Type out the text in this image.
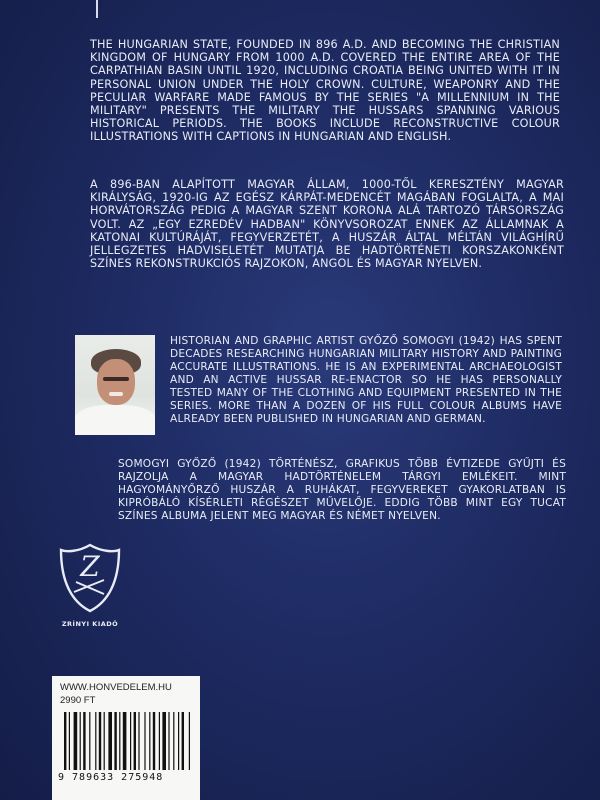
THE HUNGARIAN STATE, FOUNDED IN 896 A.D. AND BECOMING THE CHRISTIAN KINGDOM OF HUNGARY FROM 1000 A.D. COVERED THE ENTIRE AREA OF THE CARPATHIAN BASIN UNTIL 1920, INCLUDING CROATIA BEING UNITED WITH IT IN PERSONAL UNION UNDER THE HOLY CROWN. CULTURE, WEAPONRY AND THE PECULIAR WARFARE MADE FAMOUS BY THE SERIES "A MILLENNIUM IN THE MILITARY" PRESENTS THE MILITARY THE HUSSARS SPANNING VARIOUS HISTORICAL PERIODS. THE BOOKS INCLUDE RECONSTRUCTIVE COLOUR ILLUSTRATIONS WITH CAPTIONS IN HUNGARIAN AND ENGLISH.
A 896-BAN ALAPÍTOTT MAGYAR ÁLLAM, 1000-TŐL KERESZTÉNY MAGYAR KIRÁLYSÁG, 1920-IG AZ EGÉSZ KÁRPÁT-MEDENCÉT MAGÁBAN FOGLALTA, A MAI HORVÁTORSZÁG PEDIG A MAGYAR SZENT KORONA ALÁ TARTOZÓ TÁRSORSZÁG VOLT. AZ „EGY EZREDÉV HADBAN" KÖNYVSOROZAT ENNEK AZ ÁLLAMNAK A KATONAI KULTÚRÁJÁT, FEGYVERZETÉT, A HUSZÁR ÁLTAL MÉLTÁN VILÁGHÍRŰ JELLEGZETES HADVISELETÉT MUTATJA BE HADTÖRTÉNETI KORSZAKONKÉNT SZÍNES REKONSTRUKCIÓS RAJZOKON, ANGOL ÉS MAGYAR NYELVEN.
HISTORIAN AND GRAPHIC ARTIST GYŐZŐ SOMOGYI (1942) HAS SPENT DECADES RESEARCHING HUNGARIAN MILITARY HISTORY AND PAINTING ACCURATE ILLUSTRATIONS. HE IS AN EXPERIMENTAL ARCHAEOLOGIST AND AN ACTIVE HUSSAR RE-ENACTOR SO HE HAS PERSONALLY TESTED MANY OF THE CLOTHING AND EQUIPMENT PRESENTED IN THE SERIES. MORE THAN A DOZEN OF HIS FULL COLOUR ALBUMS HAVE ALREADY BEEN PUBLISHED IN HUNGARIAN AND GERMAN.
SOMOGYI GYŐZŐ (1942) TÖRTÉNÉSZ, GRAFIKUS TÖBB ÉVTIZEDE GYŰJTI ÉS RAJZOLJA A MAGYAR HADTÖRTÉNELEM TÁRGYI EMLÉKEIT. MINT HAGYOMÁNYŐRZŐ HUSZÁR A RUHÁKAT, FEGYVEREKET GYAKORLATBAN IS KIPRÓBÁLÓ KÍSÉRLETI RÉGÉSZET MŰVELŐJE. EDDIG TÖBB MINT EGY TUCAT SZÍNES ALBUMA JELENT MEG MAGYAR ÉS NÉMET NYELVEN.
Z
ZRÍNYI KIADÓ
WWW.HONVEDELEM.HU
2990 FT
9 789633 275948
